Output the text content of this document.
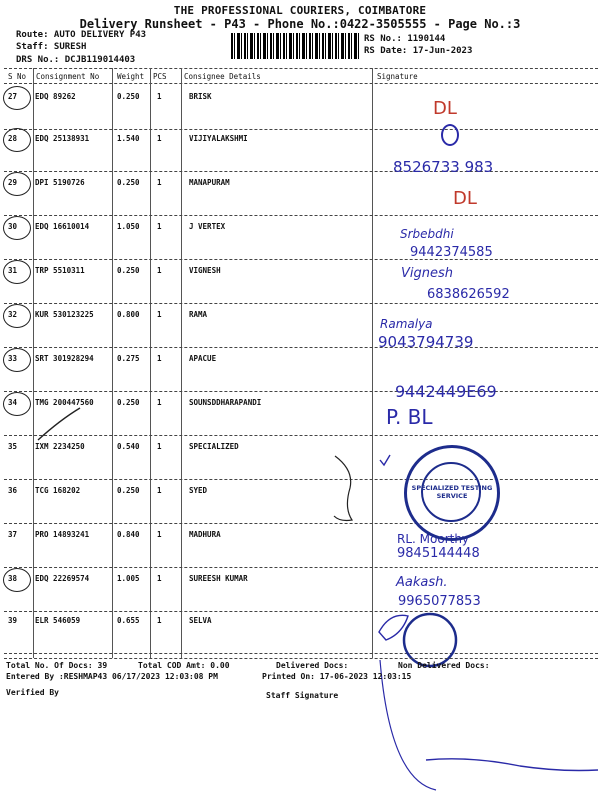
THE PROFESSIONAL COURIERS, COIMBATORE
Delivery Runsheet - P43 - Phone No.:0422-3505555 - Page No.:3
Route: AUTO DELIVERY P43
Staff: SURESH
DRS No.: DCJB119014403
RS No.: 1190144
RS Date: 17-Jun-2023
S No Consignment No Weight PCS Consignee Details	Signature
27 EDQ 89262	0.250 1	BRISK
28 EDQ 25138931	1.540 1	VIJIYALAKSHMI
29 DPI 5190726	0.250 1	MANAPURAM
30 EDQ 16610014	1.050 1	J VERTEX
31 TRP 5510311	0.250 1	VIGNESH
32 KUR 530123225	0.800 1	RAMA
33 SRT 301928294	0.275 1	APACUE
34 TMG 200447560	0.250 1	SOUNSDDHARAPANDI
35 IXM 2234250	0.540 1	SPECIALIZED
36 TCG 168202	0.250 1	SYED
37 PRO 14893241	0.840 1	MADHURA
38 EDQ 22269574	1.005 1	SUREESH KUMAR
39 ELR 546059	0.655 1	SELVA
DL
8526733 983
DL
Srbebdhi
9442374585
Vignesh
6838626592
Ramalya
9043794739
9442449E69
P. BL
RL. Moorthy
9845144448
Aakash.
9965077853
SPECIALIZED TESTING SERVICE
Total No. Of Docs: 39	Total COD Amt: 0.00	Delivered Docs:	Non Delivered Docs:
Entered By :RESHMAP43 06/17/2023 12:03:08 PM	Printed On: 17-06-2023 12:03:15
Verified By	Staff Signature
